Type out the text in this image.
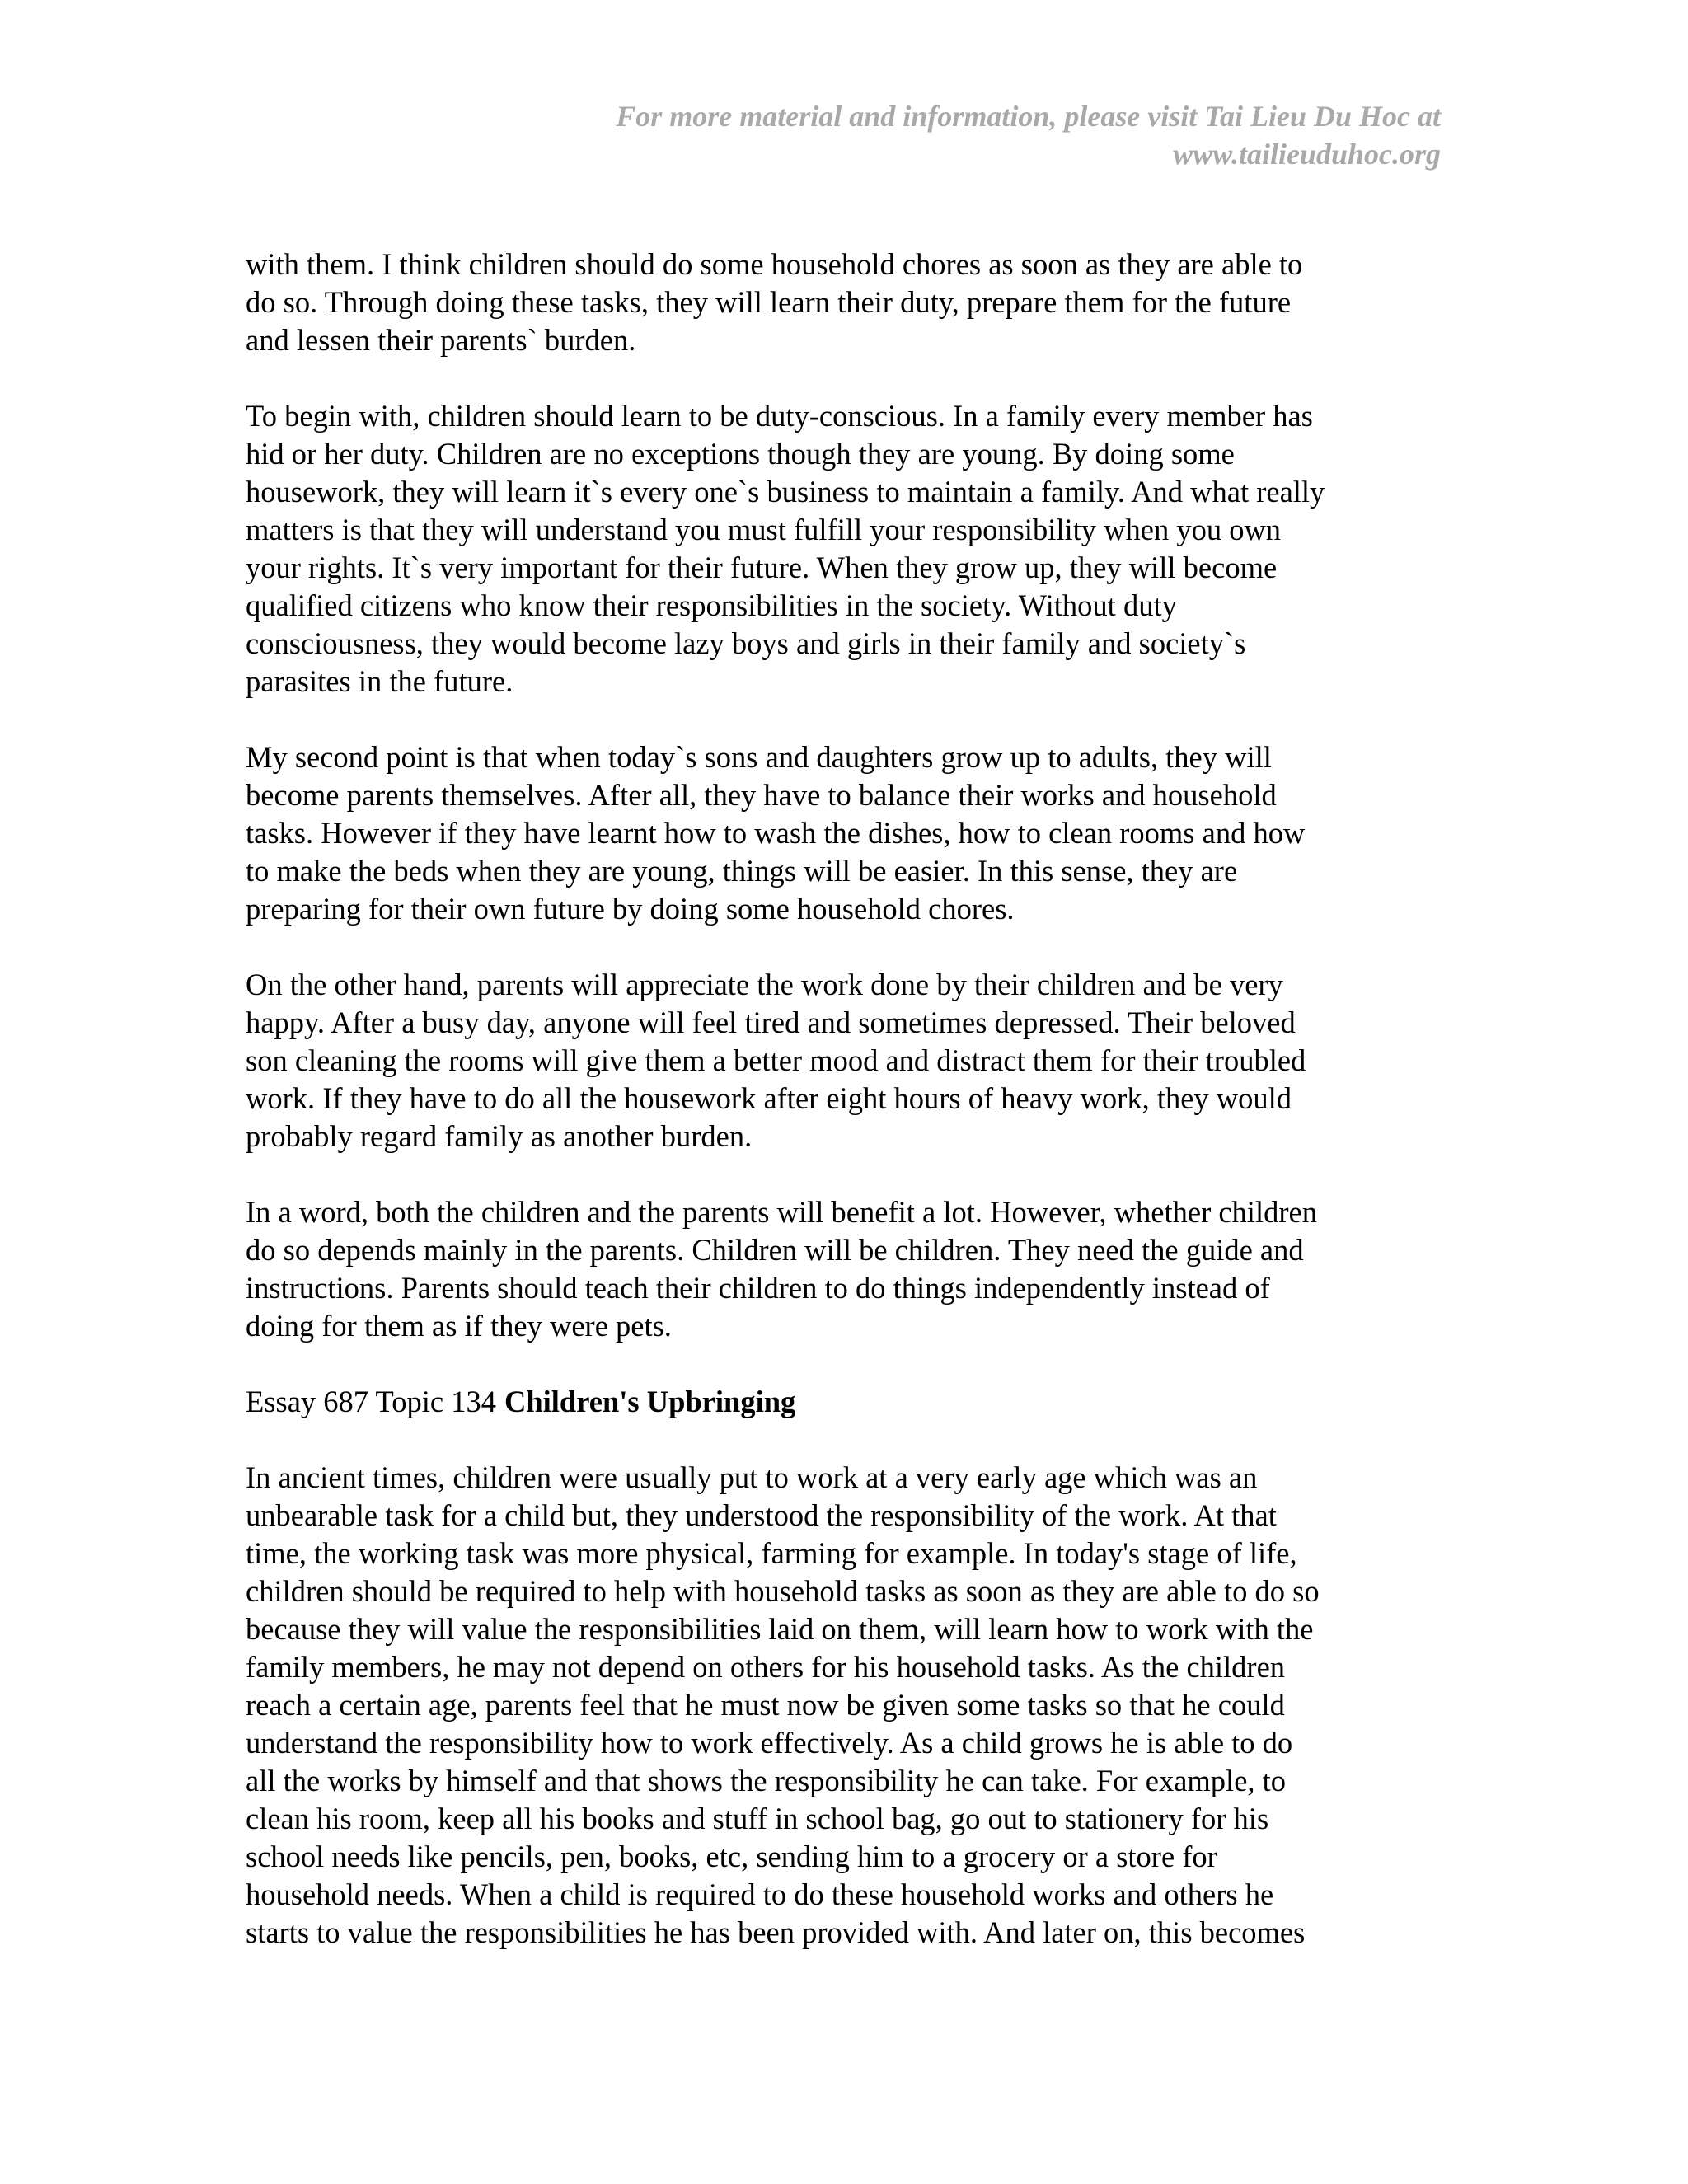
For more material and information, please visit Tai Lieu Du Hoc at
www.tailieuduhoc.org
with them. I think children should do some household chores as soon as they are able to
do so. Through doing these tasks, they will learn their duty, prepare them for the future
and lessen their parents` burden.
To begin with, children should learn to be duty-conscious. In a family every member has
hid or her duty. Children are no exceptions though they are young. By doing some
housework, they will learn it`s every one`s business to maintain a family. And what really
matters is that they will understand you must fulfill your responsibility when you own
your rights. It`s very important for their future. When they grow up, they will become
qualified citizens who know their responsibilities in the society. Without duty
consciousness, they would become lazy boys and girls in their family and society`s
parasites in the future.
My second point is that when today`s sons and daughters grow up to adults, they will
become parents themselves. After all, they have to balance their works and household
tasks. However if they have learnt how to wash the dishes, how to clean rooms and how
to make the beds when they are young, things will be easier. In this sense, they are
preparing for their own future by doing some household chores.
On the other hand, parents will appreciate the work done by their children and be very
happy. After a busy day, anyone will feel tired and sometimes depressed. Their beloved
son cleaning the rooms will give them a better mood and distract them for their troubled
work. If they have to do all the housework after eight hours of heavy work, they would
probably regard family as another burden.
In a word, both the children and the parents will benefit a lot. However, whether children
do so depends mainly in the parents. Children will be children. They need the guide and
instructions. Parents should teach their children to do things independently instead of
doing for them as if they were pets.
Essay 687 Topic 134 Children's Upbringing
In ancient times, children were usually put to work at a very early age which was an
unbearable task for a child but, they understood the responsibility of the work. At that
time, the working task was more physical, farming for example. In today's stage of life,
children should be required to help with household tasks as soon as they are able to do so
because they will value the responsibilities laid on them, will learn how to work with the
family members, he may not depend on others for his household tasks. As the children
reach a certain age, parents feel that he must now be given some tasks so that he could
understand the responsibility how to work effectively. As a child grows he is able to do
all the works by himself and that shows the responsibility he can take. For example, to
clean his room, keep all his books and stuff in school bag, go out to stationery for his
school needs like pencils, pen, books, etc, sending him to a grocery or a store for
household needs. When a child is required to do these household works and others he
starts to value the responsibilities he has been provided with. And later on, this becomes
